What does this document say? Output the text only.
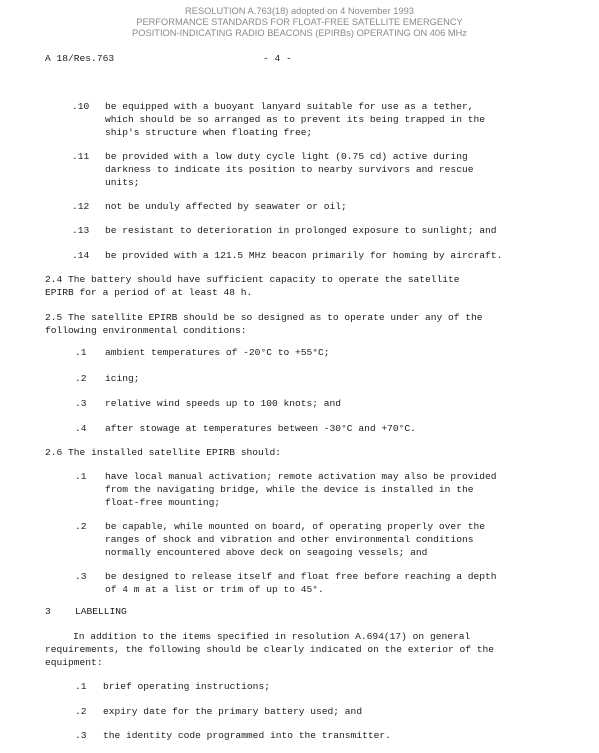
RESOLUTION A.763(18) adopted on 4 November 1993
PERFORMANCE STANDARDS FOR FLOAT-FREE SATELLITE EMERGENCY
POSITION-INDICATING RADIO BEACONS (EPIRBs) OPERATING ON 406 MHz
A 18/Res.763	- 4 -
.10 be equipped with a buoyant lanyard suitable for use as a tether,
which should be so arranged as to prevent its being trapped in the
ship's structure when floating free;
.11 be provided with a low duty cycle light (0.75 cd) active during
darkness to indicate its position to nearby survivors and rescue
units;
.12 not be unduly affected by seawater or oil;
.13 be resistant to deterioration in prolonged exposure to sunlight; and
.14 be provided with a 121.5 MHz beacon primarily for homing by aircraft.
2.4 The battery should have sufficient capacity to operate the satellite
EPIRB for a period of at least 48 h.
2.5 The satellite EPIRB should be so designed as to operate under any of the
following environmental conditions:
.1 ambient temperatures of -20°C to +55°C;
.2 icing;
.3 relative wind speeds up to 100 knots; and
.4 after stowage at temperatures between -30°C and +70°C.
2.6 The installed satellite EPIRB should:
.1 have local manual activation; remote activation may also be provided
from the navigating bridge, while the device is installed in the
float-free mounting;
.2 be capable, while mounted on board, of operating properly over the
ranges of shock and vibration and other environmental conditions
normally encountered above deck on seagoing vessels; and
.3 be designed to release itself and float free before reaching a depth
of 4 m at a list or trim of up to 45°.
3	LABELLING
In addition to the items specified in resolution A.694(17) on general
requirements, the following should be clearly indicated on the exterior of the
equipment:
.1 brief operating instructions;
.2 expiry date for the primary battery used; and
.3 the identity code programmed into the transmitter.
